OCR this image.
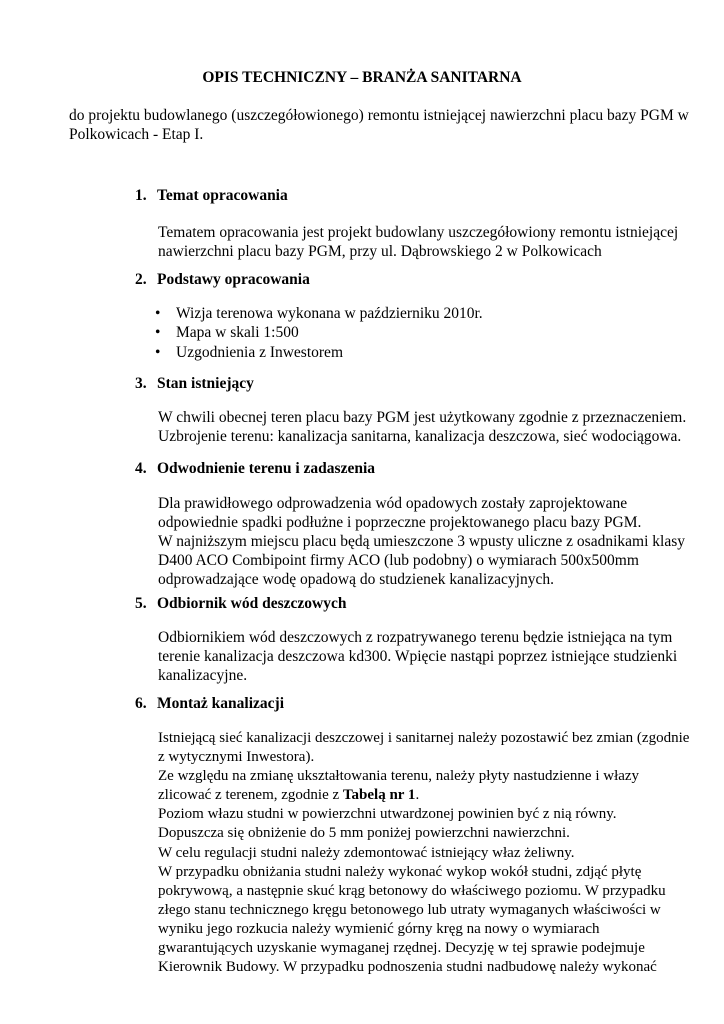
OPIS TECHNICZNY – BRANŻA SANITARNA
do projektu budowlanego (uszczegółowionego) remontu istniejącej nawierzchni placu bazy PGM w
Polkowicach - Etap I.
1. Temat opracowania
Tematem opracowania jest projekt budowlany uszczegółowiony remontu istniejącej
nawierzchni placu bazy PGM, przy ul. Dąbrowskiego 2 w Polkowicach
2. Podstawy opracowania
• Wizja terenowa wykonana w październiku 2010r.
• Mapa w skali 1:500
• Uzgodnienia z Inwestorem
3. Stan istniejący
W chwili obecnej teren placu bazy PGM jest użytkowany zgodnie z przeznaczeniem.
Uzbrojenie terenu: kanalizacja sanitarna, kanalizacja deszczowa, sieć wodociągowa.
4. Odwodnienie terenu i zadaszenia
Dla prawidłowego odprowadzenia wód opadowych zostały zaprojektowane
odpowiednie spadki podłużne i poprzeczne projektowanego placu bazy PGM.
W najniższym miejscu placu będą umieszczone 3 wpusty uliczne z osadnikami klasy
D400 ACO Combipoint firmy ACO (lub podobny) o wymiarach 500x500mm
odprowadzające wodę opadową do studzienek kanalizacyjnych.
5. Odbiornik wód deszczowych
Odbiornikiem wód deszczowych z rozpatrywanego terenu będzie istniejąca na tym
terenie kanalizacja deszczowa kd300. Wpięcie nastąpi poprzez istniejące studzienki
kanalizacyjne.
6. Montaż kanalizacji
Istniejącą sieć kanalizacji deszczowej i sanitarnej należy pozostawić bez zmian (zgodnie
z wytycznymi Inwestora).
Ze względu na zmianę ukształtowania terenu, należy płyty nastudzienne i włazy
zlicować z terenem, zgodnie z Tabelą nr 1.
Poziom włazu studni w powierzchni utwardzonej powinien być z nią równy.
Dopuszcza się obniżenie do 5 mm poniżej powierzchni nawierzchni.
W celu regulacji studni należy zdemontować istniejący właz żeliwny.
W przypadku obniżania studni należy wykonać wykop wokół studni, zdjąć płytę
pokrywową, a następnie skuć krąg betonowy do właściwego poziomu. W przypadku
złego stanu technicznego kręgu betonowego lub utraty wymaganych właściwości w
wyniku jego rozkucia należy wymienić górny kręg na nowy o wymiarach
gwarantujących uzyskanie wymaganej rzędnej. Decyzję w tej sprawie podejmuje
Kierownik Budowy. W przypadku podnoszenia studni nadbudowę należy wykonać
